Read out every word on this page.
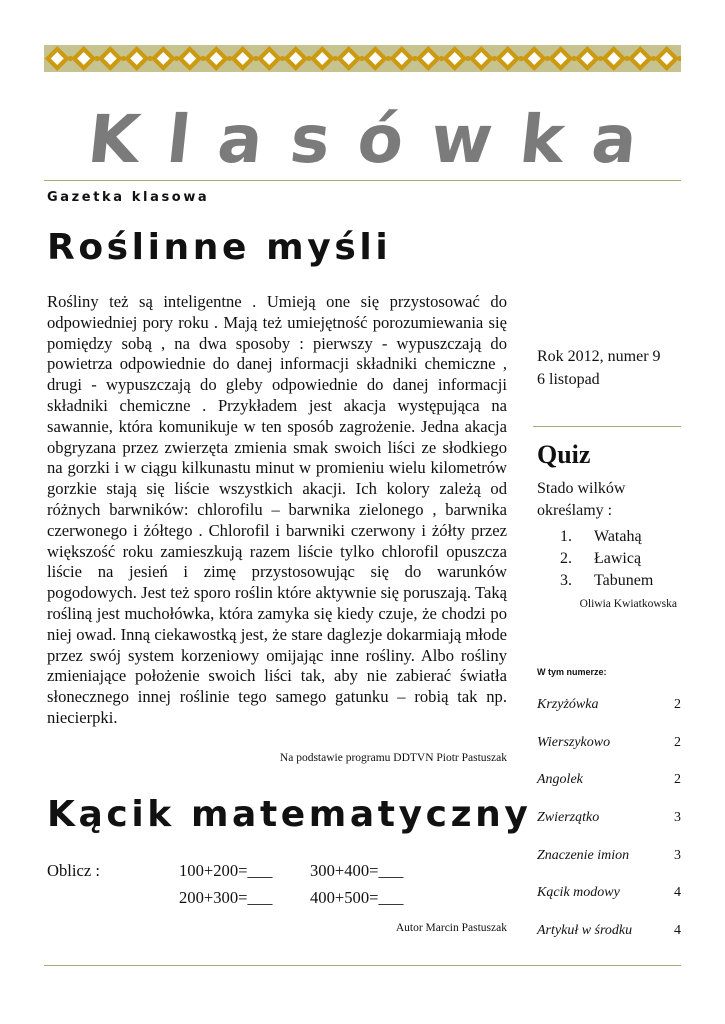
Klasówka
Gazetka klasowa
Roślinne myśli

Rośliny też są inteligentne . Umieją one się przystosować do odpowiedniej pory roku . Mają też umiejętność porozumiewania się pomiędzy sobą , na dwa sposoby : pierwszy - wypuszczają do powietrza odpowiednie do danej informacji składniki chemiczne , drugi - wypuszczają do gleby odpowiednie do danej informacji składniki chemiczne . Przykładem jest akacja występująca na sawannie, która komunikuje w ten sposób zagrożenie. Jedna akacja obgryzana przez zwierzęta zmienia smak swoich liści ze słodkiego na gorzki i w ciągu kilkunastu minut w promieniu wielu kilometrów gorzkie stają się liście wszystkich akacji. Ich kolory zależą od różnych barwników: chlorofilu – barwnika zielonego , barwnika czerwonego i żółtego . Chlorofil i barwniki czerwony i żółty przez większość roku zamieszkują razem liście tylko chlorofil opuszcza liście na jesień i zimę przystosowując się do warunków pogodowych. Jest też sporo roślin które aktywnie się poruszają. Taką rośliną jest muchołówka, która zamyka się kiedy czuje, że chodzi po niej owad. Inną ciekawostką jest, że stare daglezje dokarmiają młode przez swój system korzeniowy omijając inne rośliny. Albo rośliny zmieniające położenie swoich liści tak, aby nie zabierać światła słonecznego innej roślinie tego samego gatunku – robią tak np. niecierpki.

Na podstawie programu DDTVN Piotr Pastuszak
Kącik matematyczny
Oblicz :	100+200=___ 300+400=___
200+300=___ 400+500=___
Autor Marcin Pastuszak
Rok 2012, numer 9
6 listopad
Quiz

Stado wilków określamy :

1. Watahą
2. Ławicą
3. Tabunem
Oliwia Kwiatkowska
W tym numerze:
Krzyżówka	2
Wierszykowo	2
Angolek	2
Zwierzątko	3
Znaczenie imion	3
Kącik modowy	4
Artykuł w środku	4
